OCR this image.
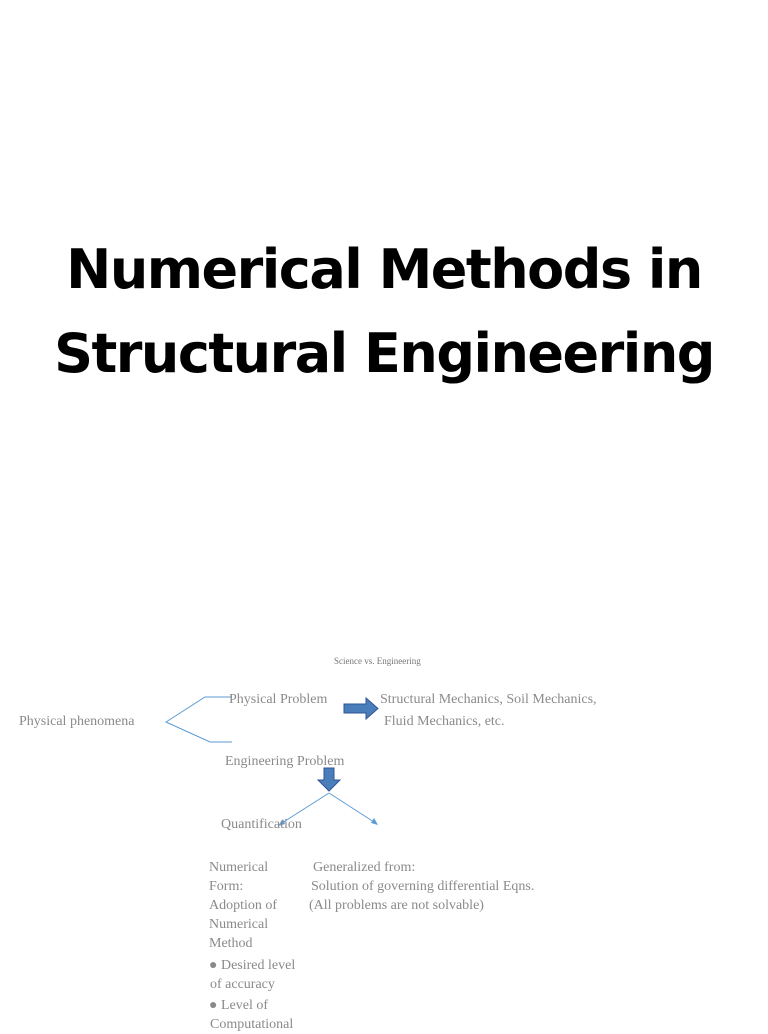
Numerical Methods in
Structural Engineering
Science vs. Engineering
Physical phenomena
Physical Problem	Structural Mechanics, Soil Mechanics,
Fluid Mechanics, etc.
Engineering Problem
Quantification
Numerical
Form:
Adoption of
Numerical
Method
Generalized from:
Solution of governing differential Eqns.
(All problems are not solvable)
● Desired level
of accuracy
● Level of
Computational
